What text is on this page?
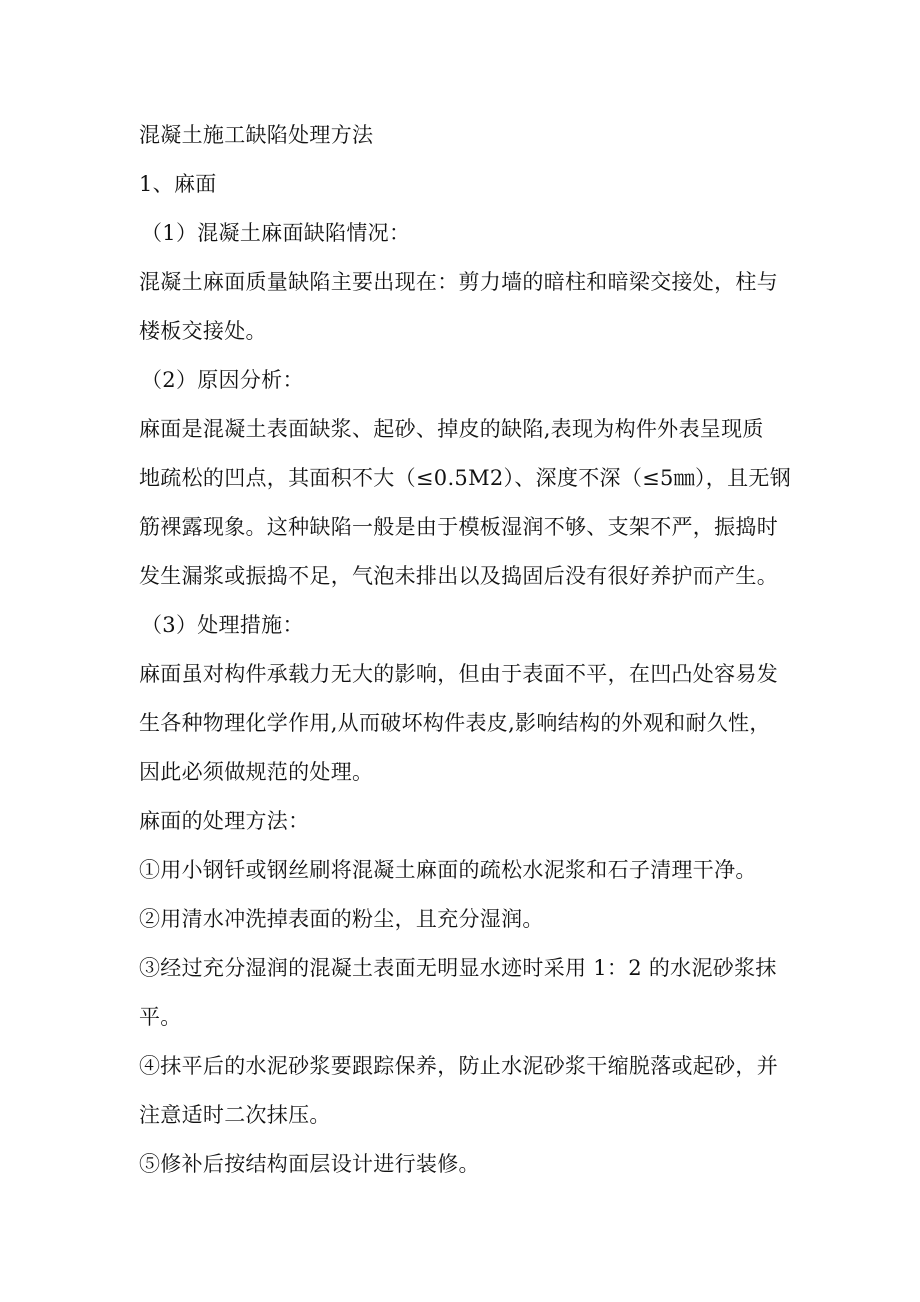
混凝土施工缺陷处理方法

1、麻面

（1）混凝土麻面缺陷情况：

混凝土麻面质量缺陷主要出现在：剪力墙的暗柱和暗梁交接处，柱与

楼板交接处。

（2）原因分析：

麻面是混凝土表面缺浆、起砂、掉皮的缺陷,表现为构件外表呈现质

地疏松的凹点，其面积不大（≤0.5M2）、深度不深（≤5㎜），且无钢

筋裸露现象。这种缺陷一般是由于模板湿润不够、支架不严，振捣时

发生漏浆或振捣不足，气泡未排出以及捣固后没有很好养护而产生。

（3）处理措施：

麻面虽对构件承载力无大的影响，但由于表面不平，在凹凸处容易发

生各种物理化学作用,从而破坏构件表皮,影响结构的外观和耐久性，

因此必须做规范的处理。

麻面的处理方法：

①用小钢钎或钢丝刷将混凝土麻面的疏松水泥浆和石子清理干净。

②用清水冲洗掉表面的粉尘，且充分湿润。

③经过充分湿润的混凝土表面无明显水迹时采用 1：2 的水泥砂浆抹

平。

④抹平后的水泥砂浆要跟踪保养，防止水泥砂浆干缩脱落或起砂，并

注意适时二次抹压。

⑤修补后按结构面层设计进行装修。
